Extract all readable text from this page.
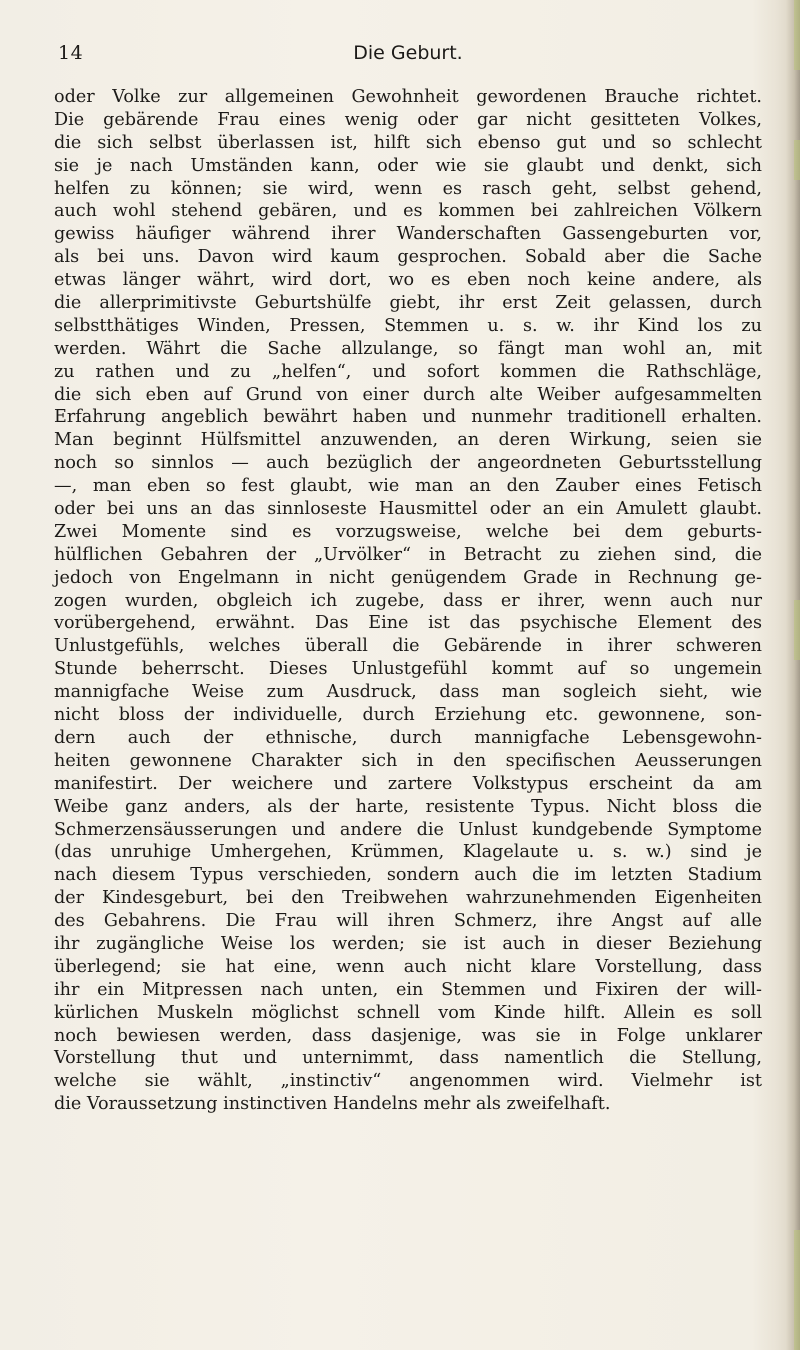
14	Die Geburt.
oder Volke zur allgemeinen Gewohnheit gewordenen Brauche richtet.
Die gebärende Frau eines wenig oder gar nicht gesitteten Volkes,
die sich selbst überlassen ist, hilft sich ebenso gut und so schlecht
sie je nach Umständen kann, oder wie sie glaubt und denkt, sich
helfen zu können; sie wird, wenn es rasch geht, selbst gehend,
auch wohl stehend gebären, und es kommen bei zahlreichen Völkern
gewiss häufiger während ihrer Wanderschaften Gassengeburten vor,
als bei uns. Davon wird kaum gesprochen. Sobald aber die Sache
etwas länger währt, wird dort, wo es eben noch keine andere, als
die allerprimitivste Geburtshülfe giebt, ihr erst Zeit gelassen, durch
selbstthätiges Winden, Pressen, Stemmen u. s. w. ihr Kind los zu
werden. Währt die Sache allzulange, so fängt man wohl an, mit
zu rathen und zu „helfen“, und sofort kommen die Rathschläge,
die sich eben auf Grund von einer durch alte Weiber aufgesammelten
Erfahrung angeblich bewährt haben und nunmehr traditionell erhalten.
Man beginnt Hülfsmittel anzuwenden, an deren Wirkung, seien sie
noch so sinnlos — auch bezüglich der angeordneten Geburtsstellung
—, man eben so fest glaubt, wie man an den Zauber eines Fetisch
oder bei uns an das sinnloseste Hausmittel oder an ein Amulett glaubt.
Zwei Momente sind es vorzugsweise, welche bei dem geburts-
hülflichen Gebahren der „Urvölker“ in Betracht zu ziehen sind, die
jedoch von Engelmann in nicht genügendem Grade in Rechnung ge-
zogen wurden, obgleich ich zugebe, dass er ihrer, wenn auch nur
vorübergehend, erwähnt. Das Eine ist das psychische Element des
Unlustgefühls, welches überall die Gebärende in ihrer schweren
Stunde beherrscht. Dieses Unlustgefühl kommt auf so ungemein
mannigfache Weise zum Ausdruck, dass man sogleich sieht, wie
nicht bloss der individuelle, durch Erziehung etc. gewonnene, son-
dern auch der ethnische, durch mannigfache Lebensgewohn-
heiten gewonnene Charakter sich in den specifischen Aeusserungen
manifestirt. Der weichere und zartere Volkstypus erscheint da am
Weibe ganz anders, als der harte, resistente Typus. Nicht bloss die
Schmerzensäusserungen und andere die Unlust kundgebende Symptome
(das unruhige Umhergehen, Krümmen, Klagelaute u. s. w.) sind je
nach diesem Typus verschieden, sondern auch die im letzten Stadium
der Kindesgeburt, bei den Treibwehen wahrzunehmenden Eigenheiten
des Gebahrens. Die Frau will ihren Schmerz, ihre Angst auf alle
ihr zugängliche Weise los werden; sie ist auch in dieser Beziehung
überlegend; sie hat eine, wenn auch nicht klare Vorstellung, dass
ihr ein Mitpressen nach unten, ein Stemmen und Fixiren der will-
kürlichen Muskeln möglichst schnell vom Kinde hilft. Allein es soll
noch bewiesen werden, dass dasjenige, was sie in Folge unklarer
Vorstellung thut und unternimmt, dass namentlich die Stellung,
welche sie wählt, „instinctiv“ angenommen wird. Vielmehr ist
die Voraussetzung instinctiven Handelns mehr als zweifelhaft.
